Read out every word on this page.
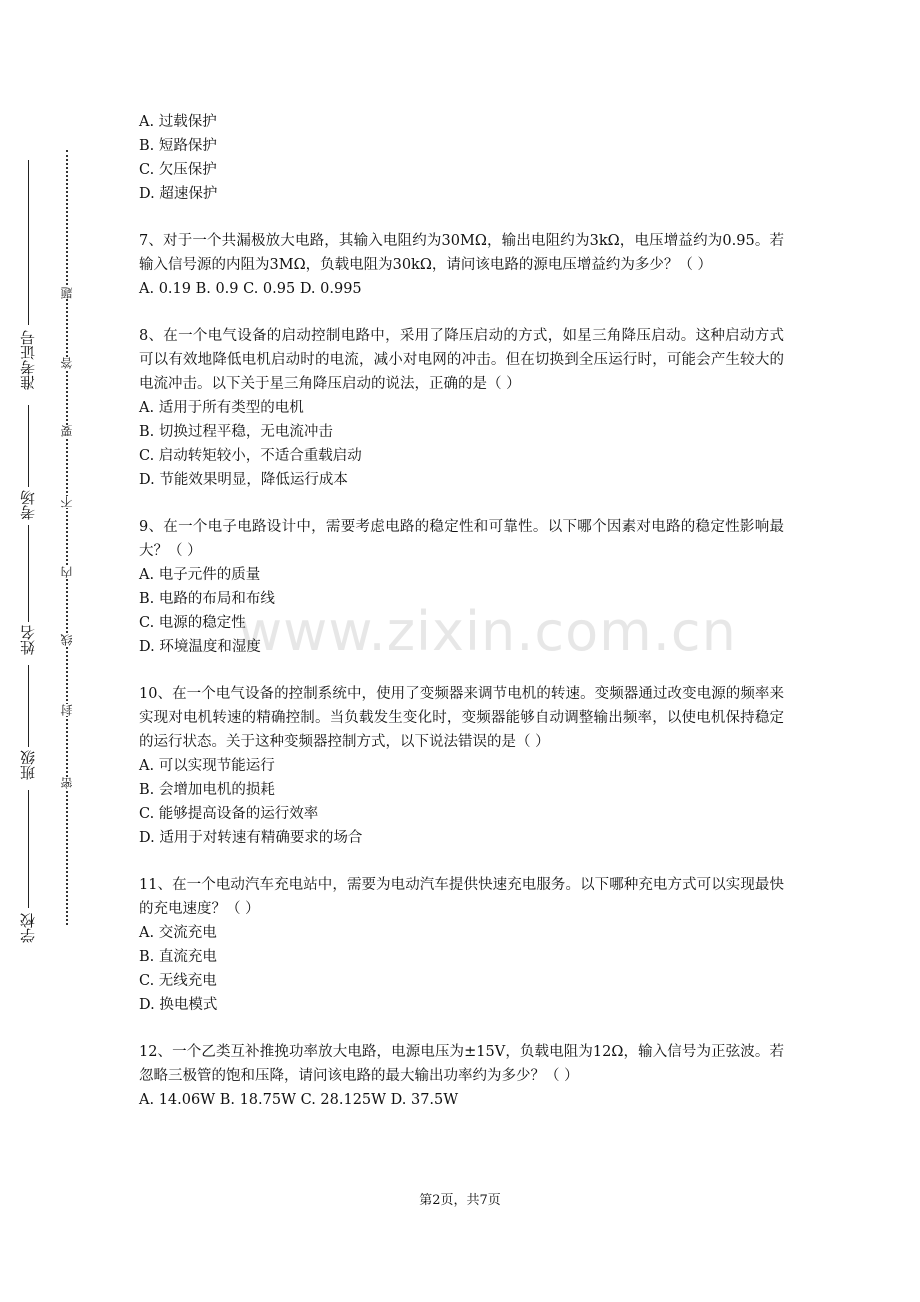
学校
班级
姓名
考场
准考证号
密
封
线
内
不
要
答
题
www.zixin.com.cn
A. 过载保护
B. 短路保护
C. 欠压保护
D. 超速保护
7、对于一个共漏极放大电路，其输入电阻约为30MΩ，输出电阻约为3kΩ，电压增益约为0.95。若输入信号源的内阻为3MΩ，负载电阻为30kΩ，请问该电路的源电压增益约为多少？（ ）
A. 0.19 B. 0.9 C. 0.95 D. 0.995
8、在一个电气设备的启动控制电路中，采用了降压启动的方式，如星三角降压启动。这种启动方式可以有效地降低电机启动时的电流，减小对电网的冲击。但在切换到全压运行时，可能会产生较大的电流冲击。以下关于星三角降压启动的说法，正确的是（ ）
A. 适用于所有类型的电机
B. 切换过程平稳，无电流冲击
C. 启动转矩较小，不适合重载启动
D. 节能效果明显，降低运行成本
9、在一个电子电路设计中，需要考虑电路的稳定性和可靠性。以下哪个因素对电路的稳定性影响最大？（ ）
A. 电子元件的质量
B. 电路的布局和布线
C. 电源的稳定性
D. 环境温度和湿度
10、在一个电气设备的控制系统中，使用了变频器来调节电机的转速。变频器通过改变电源的频率来实现对电机转速的精确控制。当负载发生变化时，变频器能够自动调整输出频率，以使电机保持稳定的运行状态。关于这种变频器控制方式，以下说法错误的是（ ）
A. 可以实现节能运行
B. 会增加电机的损耗
C. 能够提高设备的运行效率
D. 适用于对转速有精确要求的场合
11、在一个电动汽车充电站中，需要为电动汽车提供快速充电服务。以下哪种充电方式可以实现最快的充电速度？（ ）
A. 交流充电
B. 直流充电
C. 无线充电
D. 换电模式
12、一个乙类互补推挽功率放大电路，电源电压为±15V，负载电阻为12Ω，输入信号为正弦波。若忽略三极管的饱和压降，请问该电路的最大输出功率约为多少？（ ）
A. 14.06W B. 18.75W C. 28.125W D. 37.5W
第2页，共7页
